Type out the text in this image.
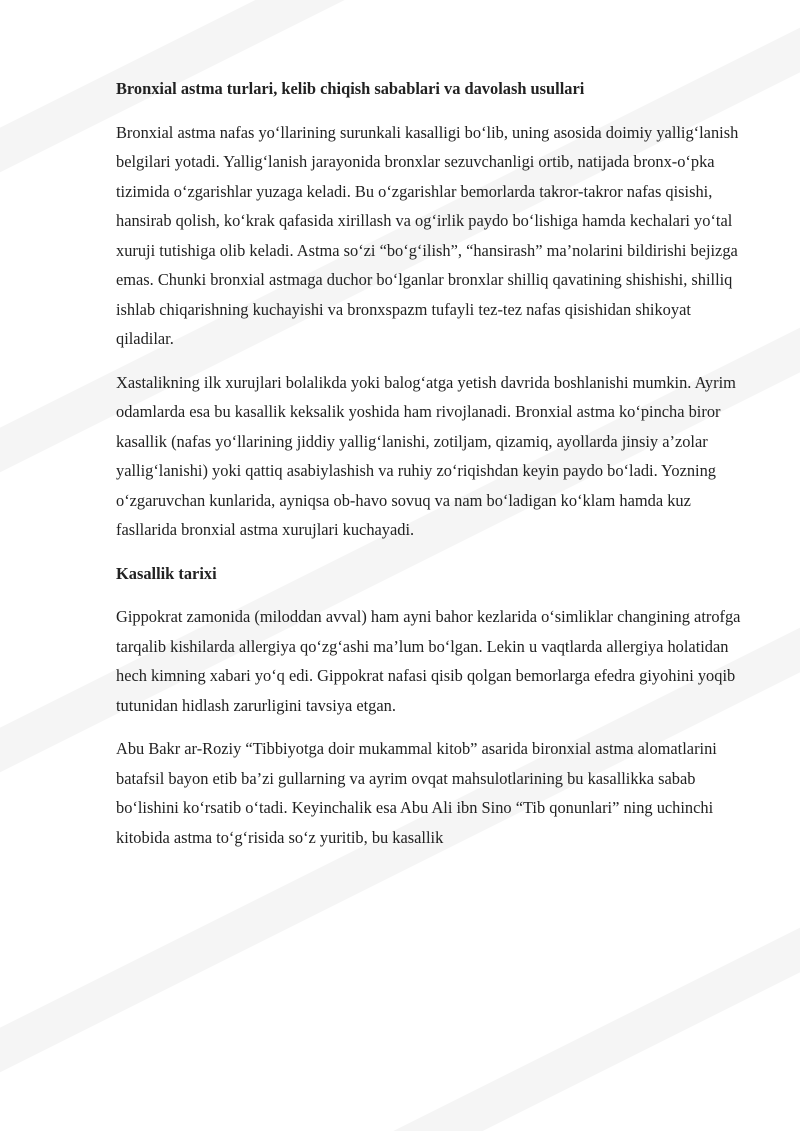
Bronxial astma turlari, kelib chiqish sabablari va davolash usullari

Bronxial astma nafas yo‘llarining surunkali kasalligi bo‘lib, uning asosida doimiy yallig‘lanish belgilari yotadi. Yallig‘lanish jarayonida bronxlar sezuvchanligi ortib, natijada bronx-o‘pka tizimida o‘zgarishlar yuzaga keladi. Bu o‘zgarishlar bemorlarda takror-takror nafas qisishi, hansirab qolish, ko‘krak qafasida xirillash va og‘irlik paydo bo‘lishiga hamda kechalari yo‘tal xuruji tutishiga olib keladi. Astma so‘zi “bo‘g‘ilish”, “hansirash” ma’nolarini bildirishi bejizga emas. Chunki bronxial astmaga duchor bo‘lganlar bronxlar shilliq qavatining shishishi, shilliq ishlab chiqarishning kuchayishi va bronxspazm tufayli tez-tez nafas qisishidan shikoyat qiladilar.

Xastalikning ilk xurujlari bolalikda yoki balog‘atga yetish davrida boshlanishi mumkin. Ayrim odamlarda esa bu kasallik keksalik yoshida ham rivojlanadi. Bronxial astma ko‘pincha biror kasallik (nafas yo‘llarining jiddiy yallig‘lanishi, zotiljam, qizamiq, ayollarda jinsiy a’zolar yallig‘lanishi) yoki qattiq asabiylashish va ruhiy zo‘riqishdan keyin paydo bo‘ladi. Yozning o‘zgaruvchan kunlarida, ayniqsa ob-havo sovuq va nam bo‘ladigan ko‘klam hamda kuz fasllarida bronxial astma xurujlari kuchayadi.

Kasallik tarixi

Gippokrat zamonida (miloddan avval) ham ayni bahor kezlarida o‘simliklar changining atrofga tarqalib kishilarda allergiya qo‘zg‘ashi ma’lum bo‘lgan. Lekin u vaqtlarda allergiya holatidan hech kimning xabari yo‘q edi. Gippokrat nafasi qisib qolgan bemorlarga efedra giyohini yoqib tutunidan hidlash zarurligini tavsiya etgan.

Abu Bakr ar-Roziy “Tibbiyotga doir mukammal kitob” asarida bironxial astma alomatlarini batafsil bayon etib ba’zi gullarning va ayrim ovqat mahsulotlarining bu kasallikka sabab bo‘lishini ko‘rsatib o‘tadi. Keyinchalik esa Abu Ali ibn Sino “Tib qonunlari” ning uchinchi kitobida astma to‘g‘risida so‘z yuritib, bu kasallik
